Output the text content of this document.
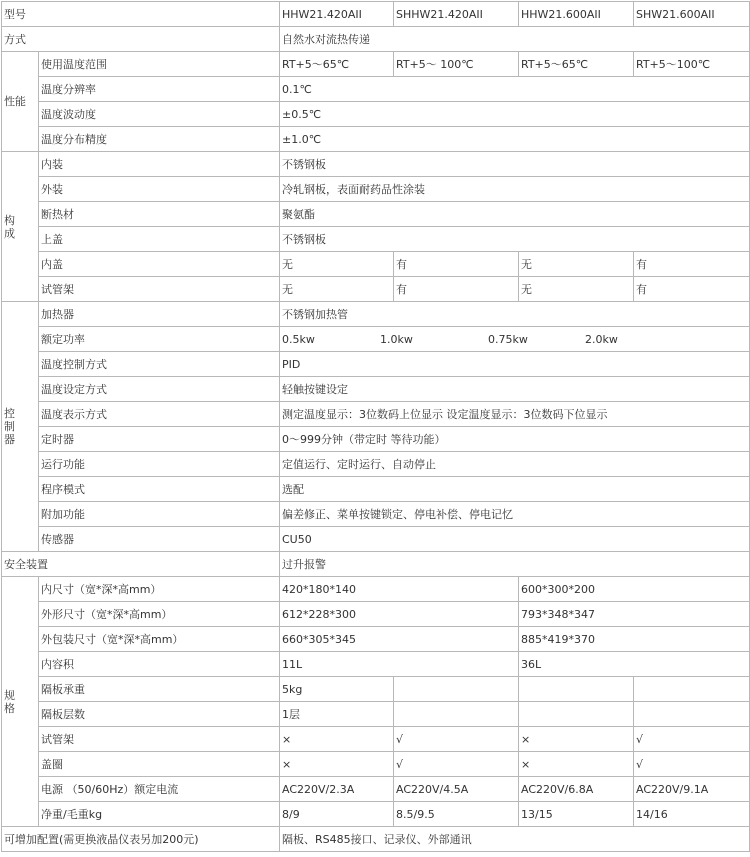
型号		HHW21.420AII	SHHW21.420AII	HHW21.600AII	SHW21.600AII
方式		自然水对流热传递			
性能	使用温度范围	RT+5～65℃	RT+5～ 100℃	RT+5～65℃	RT+5～100℃
	温度分辨率	0.1℃			
	温度波动度	±0.5℃			
	温度分布精度	±1.0℃			
构
成	内装	不锈钢板			
	外装	冷轧钢板，表面耐药品性涂装			
	断热材	聚氨酯			
	上盖	不锈钢板			
	内盖	无	有	无	有
	试管架	无	有	无	有
控
制
器	加热器	不锈钢加热管			
	额定功率	0.5kw 1.0kw 0.75kw 2.0kw			
	温度控制方式	PID			
	温度设定方式	轻触按键设定			
	温度表示方式	测定温度显示：3位数码上位显示 设定温度显示：3位数码下位显示			
	定时器	0～999分钟（带定时 等待功能）			
	运行功能	定值运行、定时运行、自动停止			
	程序模式	选配			
	附加功能	偏差修正、菜单按键锁定、停电补偿、停电记忆			
	传感器	CU50			
安全装置		过升报警			
规
格	内尺寸（宽*深*高mm）	420*180*140		600*300*200	
	外形尺寸（宽*深*高mm）	612*228*300		793*348*347	
	外包装尺寸（宽*深*高mm）	660*305*345		885*419*370	
	内容积	11L		36L	
	隔板承重	5kg			
	隔板层数	1层			
	试管架	×	√	×	√
	盖圈	×	√	×	√
	电源 （50/60Hz）额定电流	AC220V/2.3A	AC220V/4.5A	AC220V/6.8A	AC220V/9.1A
	净重/毛重kg	8/9	8.5/9.5	13/15	14/16
可增加配置(需更换液晶仪表另加200元)		隔板、RS485接口、记录仪、外部通讯			
